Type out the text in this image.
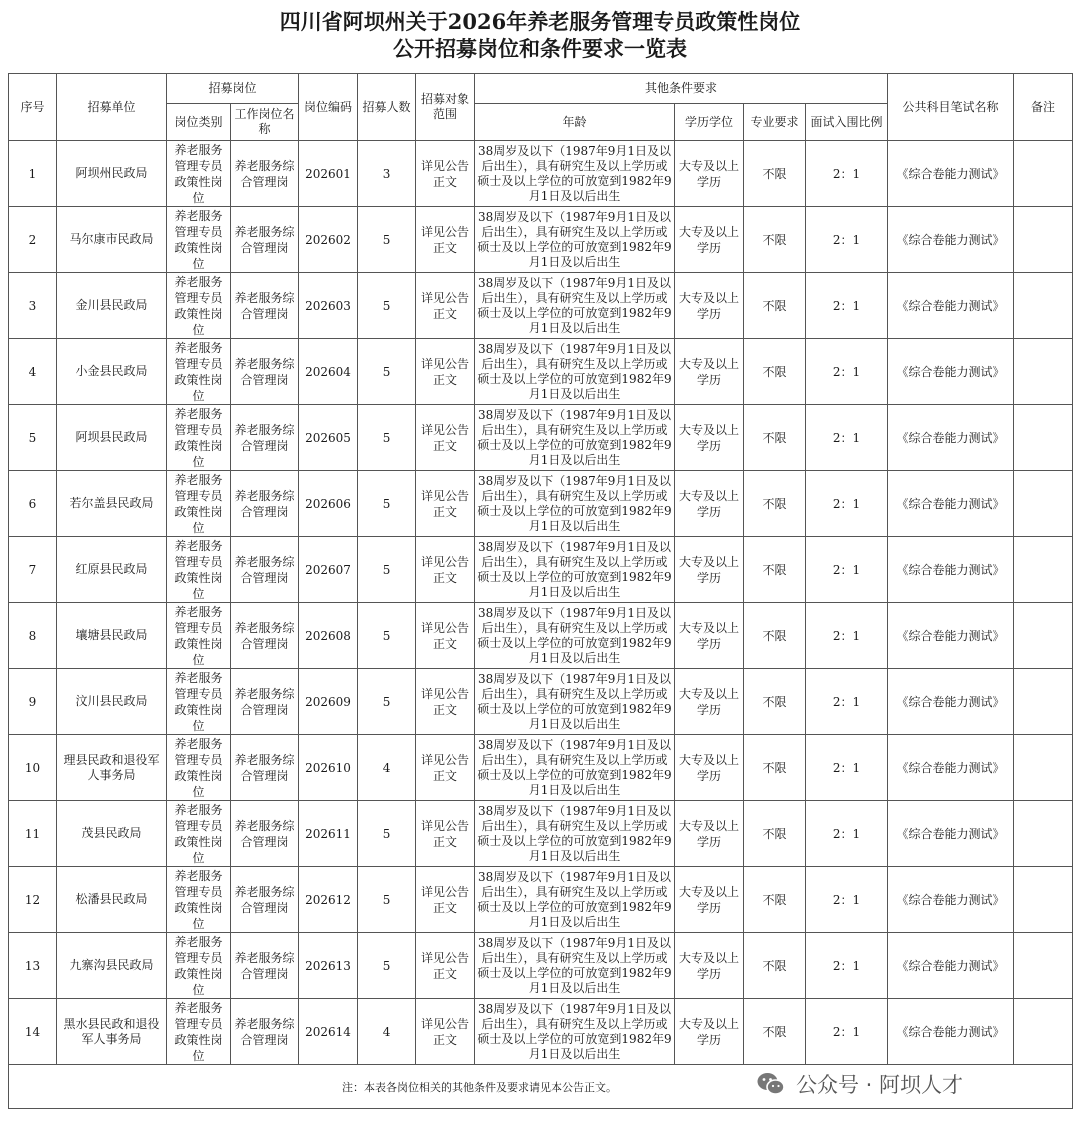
四川省阿坝州关于2026年养老服务管理专员政策性岗位
公开招募岗位和条件要求一览表
序号	招募单位	招募岗位		岗位编码	招募人数	招募对象范围	其他条件要求				公共科目笔试名称	备注
		岗位类别	工作岗位名称				年龄	学历学位	专业要求	面试入围比例		
1	阿坝州民政局	养老服务管理专员政策性岗位	养老服务综合管理岗	202601	3	详见公告正文	38周岁及以下（1987年9月1日及以后出生），具有研究生及以上学历或硕士及以上学位的可放宽到1982年9月1日及以后出生	大专及以上学历	不限	2：1	《综合卷能力测试》	
2	马尔康市民政局	养老服务管理专员政策性岗位	养老服务综合管理岗	202602	5	详见公告正文	38周岁及以下（1987年9月1日及以后出生），具有研究生及以上学历或硕士及以上学位的可放宽到1982年9月1日及以后出生	大专及以上学历	不限	2：1	《综合卷能力测试》	
3	金川县民政局	养老服务管理专员政策性岗位	养老服务综合管理岗	202603	5	详见公告正文	38周岁及以下（1987年9月1日及以后出生），具有研究生及以上学历或硕士及以上学位的可放宽到1982年9月1日及以后出生	大专及以上学历	不限	2：1	《综合卷能力测试》	
4	小金县民政局	养老服务管理专员政策性岗位	养老服务综合管理岗	202604	5	详见公告正文	38周岁及以下（1987年9月1日及以后出生），具有研究生及以上学历或硕士及以上学位的可放宽到1982年9月1日及以后出生	大专及以上学历	不限	2：1	《综合卷能力测试》	
5	阿坝县民政局	养老服务管理专员政策性岗位	养老服务综合管理岗	202605	5	详见公告正文	38周岁及以下（1987年9月1日及以后出生），具有研究生及以上学历或硕士及以上学位的可放宽到1982年9月1日及以后出生	大专及以上学历	不限	2：1	《综合卷能力测试》	
6	若尔盖县民政局	养老服务管理专员政策性岗位	养老服务综合管理岗	202606	5	详见公告正文	38周岁及以下（1987年9月1日及以后出生），具有研究生及以上学历或硕士及以上学位的可放宽到1982年9月1日及以后出生	大专及以上学历	不限	2：1	《综合卷能力测试》	
7	红原县民政局	养老服务管理专员政策性岗位	养老服务综合管理岗	202607	5	详见公告正文	38周岁及以下（1987年9月1日及以后出生），具有研究生及以上学历或硕士及以上学位的可放宽到1982年9月1日及以后出生	大专及以上学历	不限	2：1	《综合卷能力测试》	
8	壤塘县民政局	养老服务管理专员政策性岗位	养老服务综合管理岗	202608	5	详见公告正文	38周岁及以下（1987年9月1日及以后出生），具有研究生及以上学历或硕士及以上学位的可放宽到1982年9月1日及以后出生	大专及以上学历	不限	2：1	《综合卷能力测试》	
9	汶川县民政局	养老服务管理专员政策性岗位	养老服务综合管理岗	202609	5	详见公告正文	38周岁及以下（1987年9月1日及以后出生），具有研究生及以上学历或硕士及以上学位的可放宽到1982年9月1日及以后出生	大专及以上学历	不限	2：1	《综合卷能力测试》	
10	理县民政和退役军人事务局	养老服务管理专员政策性岗位	养老服务综合管理岗	202610	4	详见公告正文	38周岁及以下（1987年9月1日及以后出生），具有研究生及以上学历或硕士及以上学位的可放宽到1982年9月1日及以后出生	大专及以上学历	不限	2：1	《综合卷能力测试》	
11	茂县民政局	养老服务管理专员政策性岗位	养老服务综合管理岗	202611	5	详见公告正文	38周岁及以下（1987年9月1日及以后出生），具有研究生及以上学历或硕士及以上学位的可放宽到1982年9月1日及以后出生	大专及以上学历	不限	2：1	《综合卷能力测试》	
12	松潘县民政局	养老服务管理专员政策性岗位	养老服务综合管理岗	202612	5	详见公告正文	38周岁及以下（1987年9月1日及以后出生），具有研究生及以上学历或硕士及以上学位的可放宽到1982年9月1日及以后出生	大专及以上学历	不限	2：1	《综合卷能力测试》	
13	九寨沟县民政局	养老服务管理专员政策性岗位	养老服务综合管理岗	202613	5	详见公告正文	38周岁及以下（1987年9月1日及以后出生），具有研究生及以上学历或硕士及以上学位的可放宽到1982年9月1日及以后出生	大专及以上学历	不限	2：1	《综合卷能力测试》	
14	黑水县民政和退役军人事务局	养老服务管理专员政策性岗位	养老服务综合管理岗	202614	4	详见公告正文	38周岁及以下（1987年9月1日及以后出生），具有研究生及以上学历或硕士及以上学位的可放宽到1982年9月1日及以后出生	大专及以上学历	不限	2：1	《综合卷能力测试》	
注：本表各岗位相关的其他条件及要求请见本公告正文。													公众号 · 阿坝人才
